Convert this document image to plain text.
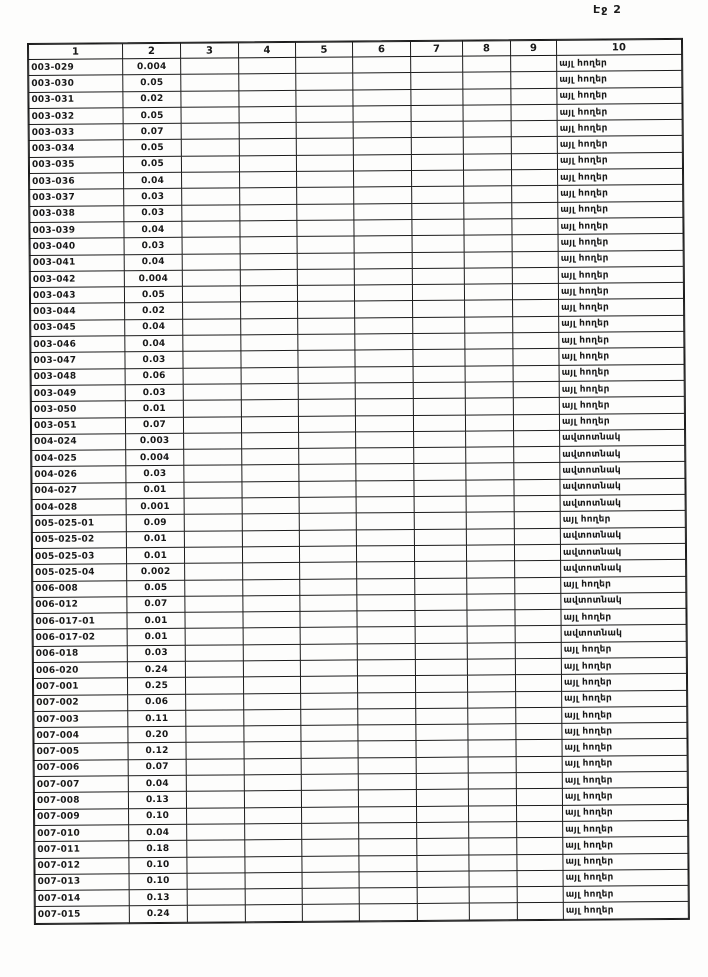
Էջ 2
1	2	3	4	5	6	7	8	9	10
003-029	0.004								այլ հողեր
003-030	0.05								այլ հողեր
003-031	0.02								այլ հողեր
003-032	0.05								այլ հողեր
003-033	0.07								այլ հողեր
003-034	0.05								այլ հողեր
003-035	0.05								այլ հողեր
003-036	0.04								այլ հողեր
003-037	0.03								այլ հողեր
003-038	0.03								այլ հողեր
003-039	0.04								այլ հողեր
003-040	0.03								այլ հողեր
003-041	0.04								այլ հողեր
003-042	0.004								այլ հողեր
003-043	0.05								այլ հողեր
003-044	0.02								այլ հողեր
003-045	0.04								այլ հողեր
003-046	0.04								այլ հողեր
003-047	0.03								այլ հողեր
003-048	0.06								այլ հողեր
003-049	0.03								այլ հողեր
003-050	0.01								այլ հողեր
003-051	0.07								այլ հողեր
004-024	0.003								ավտոտնակ
004-025	0.004								ավտոտնակ
004-026	0.03								ավտոտնակ
004-027	0.01								ավտոտնակ
004-028	0.001								ավտոտնակ
005-025-01	0.09								այլ հողեր
005-025-02	0.01								ավտոտնակ
005-025-03	0.01								ավտոտնակ
005-025-04	0.002								ավտոտնակ
006-008	0.05								այլ հողեր
006-012	0.07								ավտոտնակ
006-017-01	0.01								այլ հողեր
006-017-02	0.01								ավտոտնակ
006-018	0.03								այլ հողեր
006-020	0.24								այլ հողեր
007-001	0.25								այլ հողեր
007-002	0.06								այլ հողեր
007-003	0.11								այլ հողեր
007-004	0.20								այլ հողեր
007-005	0.12								այլ հողեր
007-006	0.07								այլ հողեր
007-007	0.04								այլ հողեր
007-008	0.13								այլ հողեր
007-009	0.10								այլ հողեր
007-010	0.04								այլ հողեր
007-011	0.18								այլ հողեր
007-012	0.10								այլ հողեր
007-013	0.10								այլ հողեր
007-014	0.13								այլ հողեր
007-015	0.24								այլ հողեր
